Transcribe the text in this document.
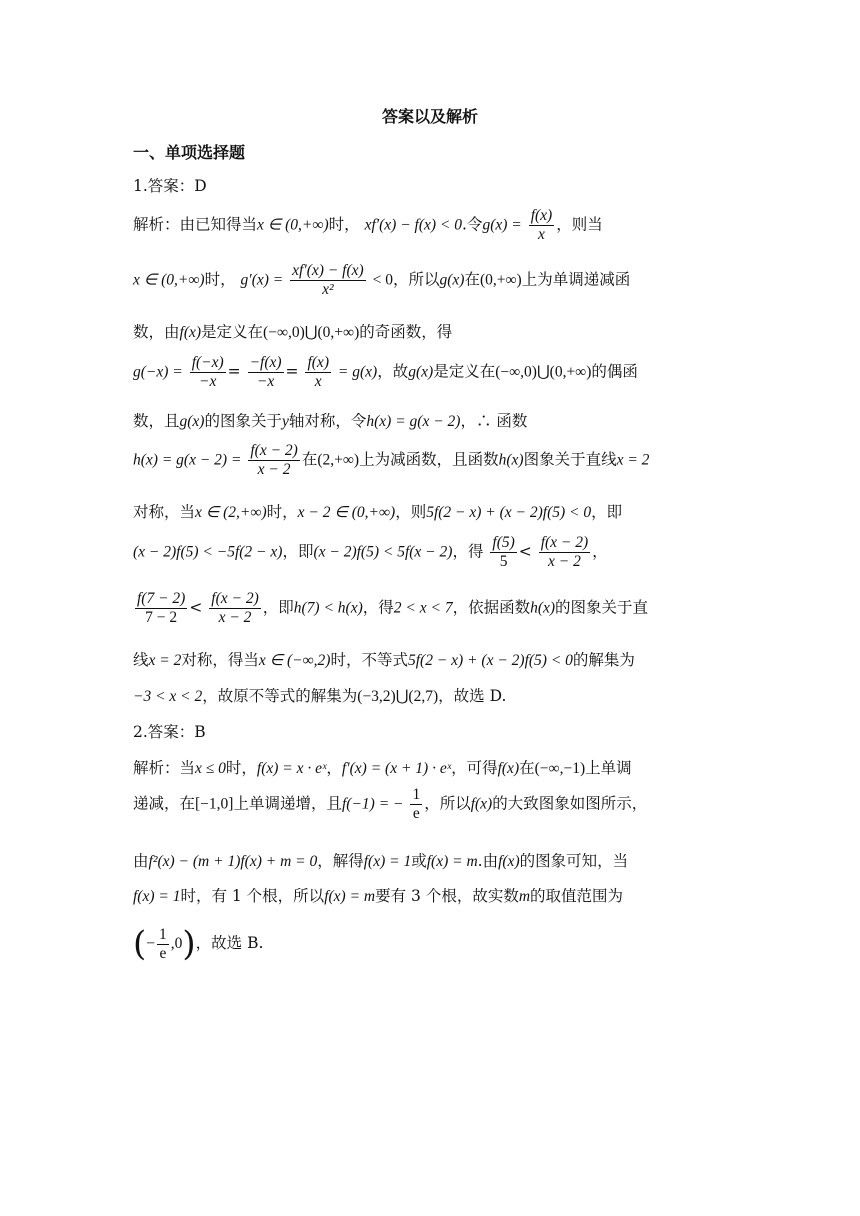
答案以及解析
一、单项选择题
1.答案：D
解析：由已知得当x ∈ (0,+∞)时， xf′(x) − f(x) < 0.令$g(x) = \frac{f(x)}{x}$ ，则当
x ∈ (0,+∞)时， $g'(x) = \frac{xf'(x) - f(x)}{\text{x²}} < 0$，所以g(x)在(0,+∞)上为单调递减函
数，由f(x)是定义在(−∞,0)⋃(0,+∞)的奇函数，得
$g(-x) = \frac{f(-x)}{-x} = \frac{-f(x)}{-x} = \frac{f(x)}{x} = g(x)$，故g(x)是定义在(−∞,0)⋃(0,+∞)的偶函
数，且g(x)的图象关于y轴对称，令h(x) = g(x − 2)，∴ 函数
$h(x) = g(x - 2) = \frac{f(x - 2)}{x - 2}$ 在(2,+∞)上为减函数，且函数h(x)图象关于直线x = 2
对称，当x ∈ (2,+∞)时，x − 2 ∈ (0,+∞)，则5f(2 − x) + (x − 2)f(5) < 0，即
(x − 2)f(5) < −5f(2 − x)，即(x − 2)f(5) < 5f(x − 2)，得 $\frac{f(5)}{5} < \frac{f(x - 2)}{x - 2}$ ，
$\frac{f(7 - 2)}{7 - 2} < \frac{f(x - 2)}{x - 2}$ ，即h(7) < h(x)，得2 < x < 7，依据函数h(x)的图象关于直
线x = 2对称，得当x ∈ (−∞,2)时，不等式5f(2 − x) + (x − 2)f(5) < 0的解集为
−3 < x < 2，故原不等式的解集为(−3,2)⋃(2,7)，故选 D.
2.答案：B
解析：当x ≤ 0时，f(x) = x · eˣ，f′(x) = (x + 1) · eˣ，可得f(x)在(−∞,−1)上单调
递减，在[−1,0]上单调递增，且f(−1) = − $\frac{1}{e}$ ，所以f(x)的大致图象如图所示，
由f²(x) − (m + 1)f(x) + m = 0，解得f(x) = 1或f(x) = m.由f(x)的图象可知，当
f(x) = 1时，有 1 个根，所以f(x) = m要有 3 个根，故实数m的取值范围为
(− $\frac{1}{e} ,0$)，故选 B.
